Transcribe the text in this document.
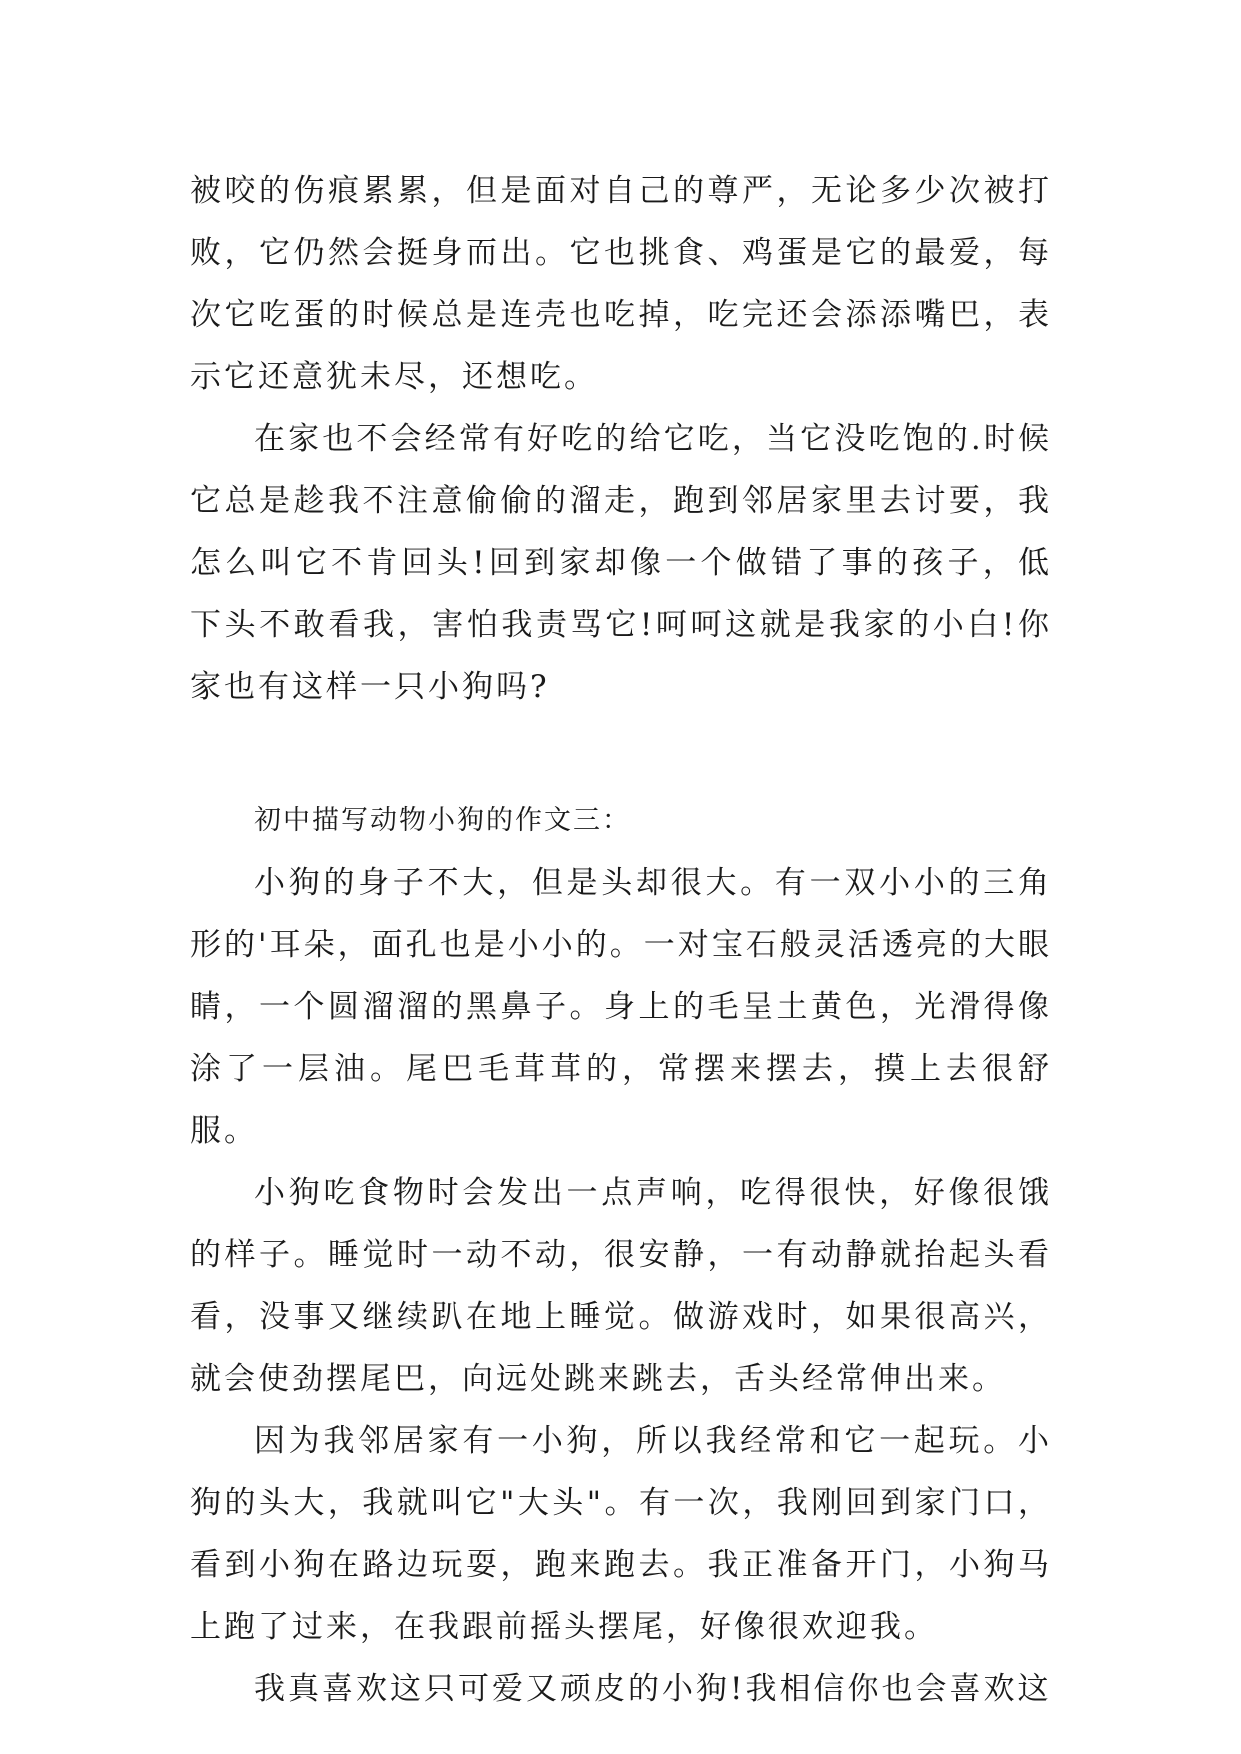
被咬的伤痕累累，但是面对自己的尊严，无论多少次被打败，它仍然会挺身而出。它也挑食、鸡蛋是它的最爱，每次它吃蛋的时候总是连壳也吃掉，吃完还会添添嘴巴，表示它还意犹未尽，还想吃。

在家也不会经常有好吃的给它吃，当它没吃饱的.时候它总是趁我不注意偷偷的溜走，跑到邻居家里去讨要，我怎么叫它不肯回头!回到家却像一个做错了事的孩子，低下头不敢看我，害怕我责骂它!呵呵这就是我家的小白!你家也有这样一只小狗吗?

初中描写动物小狗的作文三：

小狗的身子不大，但是头却很大。有一双小小的三角形的'耳朵，面孔也是小小的。一对宝石般灵活透亮的大眼睛，一个圆溜溜的黑鼻子。身上的毛呈土黄色，光滑得像涂了一层油。尾巴毛茸茸的，常摆来摆去，摸上去很舒服。

小狗吃食物时会发出一点声响，吃得很快，好像很饿的样子。睡觉时一动不动，很安静，一有动静就抬起头看看，没事又继续趴在地上睡觉。做游戏时，如果很高兴，就会使劲摆尾巴，向远处跳来跳去，舌头经常伸出来。

因为我邻居家有一小狗，所以我经常和它一起玩。小狗的头大，我就叫它"大头"。有一次，我刚回到家门口，看到小狗在路边玩耍，跑来跑去。我正准备开门，小狗马上跑了过来，在我跟前摇头摆尾，好像很欢迎我。

我真喜欢这只可爱又顽皮的小狗!我相信你也会喜欢这
